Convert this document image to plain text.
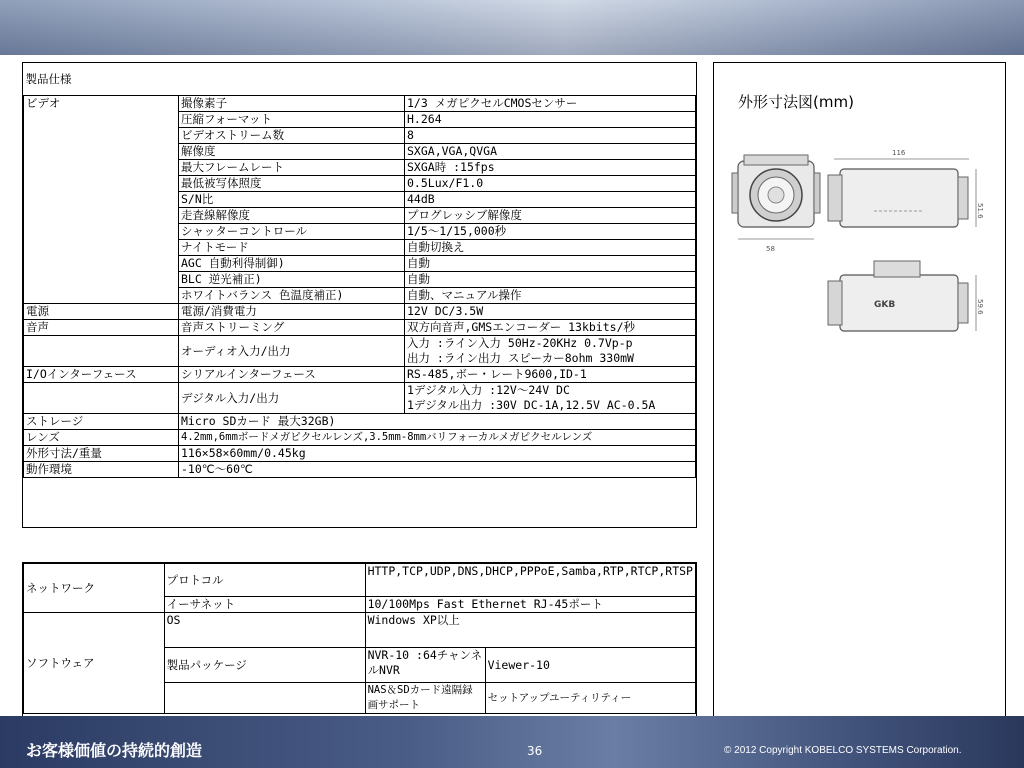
製品仕様		
ビデオ	撮像素子	1/3 メガピクセルCMOSセンサー
	圧縮フォーマット	H.264
	ビデオストリーム数	8
	解像度	SXGA,VGA,QVGA
	最大フレームレート	SXGA時 :15fps
	最低被写体照度	0.5Lux/F1.0
	S/N比	44dB
	走査線解像度	プログレッシブ解像度
	シャッターコントロール	1/5～1/15,000秒
	ナイトモード	自動切換え
	AGC 自動利得制御)	自動
	BLC 逆光補正)	自動
	ホワイトバランス 色温度補正)	自動、マニュアル操作
電源	電源/消費電力	12V DC/3.5W
音声	音声ストリーミング	双方向音声,GMSエンコーダー 13kbits/秒
	オーディオ入力/出力	入力 :ライン入力 50Hz-20KHz 0.7Vp-p
出力 :ライン出力 スピーカー8ohm 330mW

I/Oインターフェース	シリアルインターフェース	RS-485,ボー・レート9600,ID-1
	デジタル入力/出力	1デジタル入力 :12V～24V DC
1デジタル出力 :30V DC-1A,12.5V AC-0.5A

ストレージ	Micro SDカード 最大32GB)	
レンズ	4.2mm,6mmボードメガピクセルレンズ,3.5mm-8mmバリフォーカルメガピクセルレンズ	
外形寸法/重量	116×58×60mm/0.45kg	
動作環境	-10℃～60℃	
ネットワーク	プロトコル	HTTP,TCP,UDP,DNS,DHCP,PPPoE,Samba,RTP,RTCP,RTSP	
	イーサネット	10/100Mps Fast Ethernet RJ-45ポート	
ソフトウェア	OS	Windows XP以上	
	製品パッケージ	NVR-10 :64チャンネルNVR	Viewer-10
		NAS＆SDカード遠隔録画サポート	セットアップユーティリティー
外形寸法図(mm)
58
116
51.6
GKB	59.6
お客様価値の持続的創造	36	© 2012 Copyright KOBELCO SYSTEMS Corporation.
